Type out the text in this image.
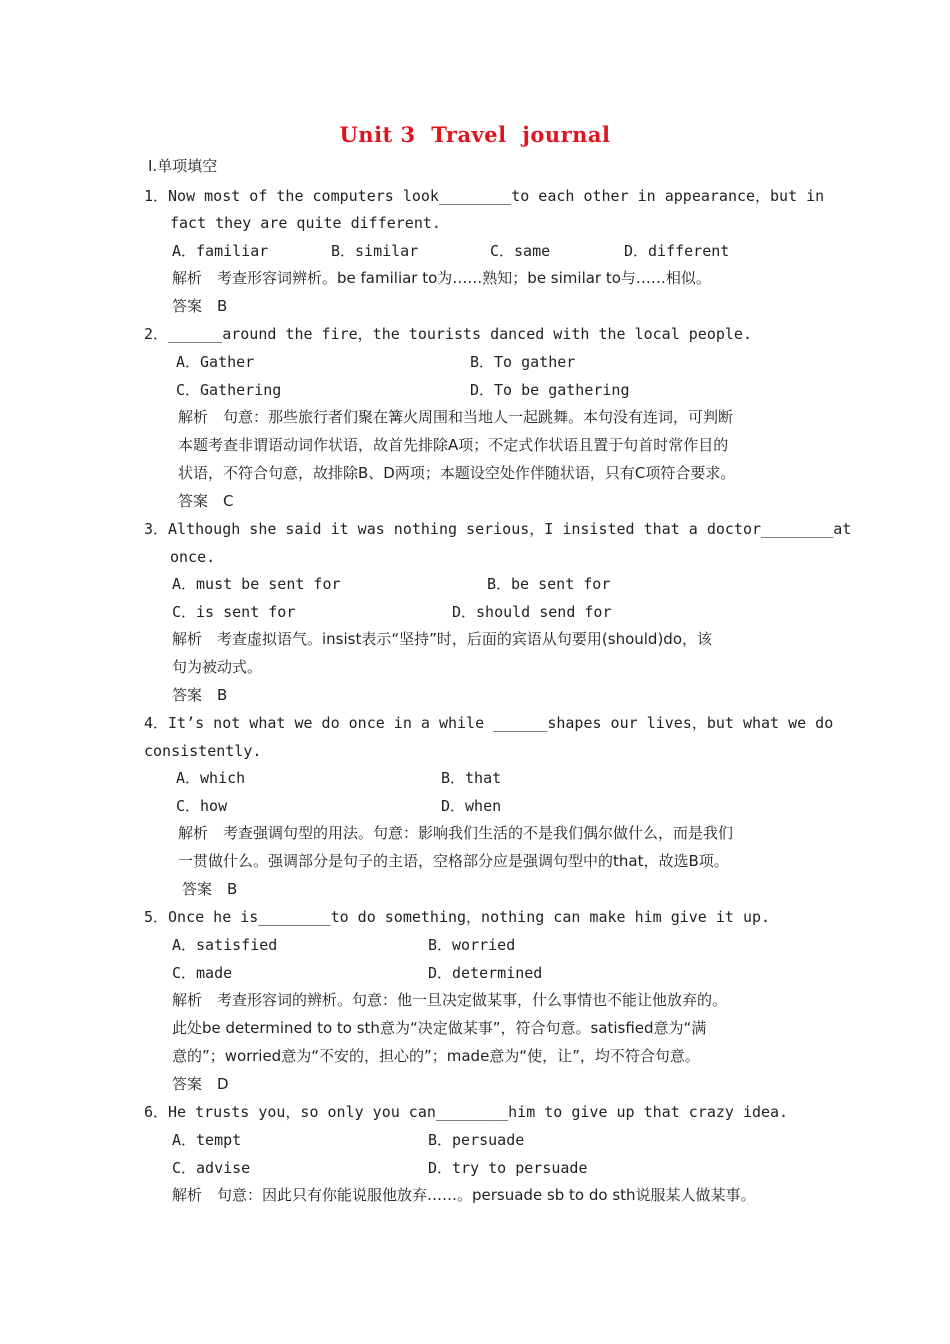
Unit 3  Travel  journal
Ⅰ.单项填空
1．Now most of the computers look________to each other in appearance，but in
fact they are quite different.
A．familiar	B．similar	C．same	D．different
解析　考查形容词辨析。be familiar to为……熟知；be similar to与……相似。
答案　B
2．______around the fire，the tourists danced with the local people.
A．Gather	B．To gather
C．Gathering	D．To be gathering
解析　句意：那些旅行者们聚在篝火周围和当地人一起跳舞。本句没有连词，可判断
本题考查非谓语动词作状语，故首先排除A项；不定式作状语且置于句首时常作目的
状语，不符合句意，故排除B、D两项；本题设空处作伴随状语，只有C项符合要求。
答案　C
3．Although she said it was nothing serious，I insisted that a doctor________at
once.
A．must be sent for	B．be sent for
C．is sent for	D．should send for
解析　考查虚拟语气。insist表示“坚持”时，后面的宾语从句要用(should)do，该
句为被动式。
答案　B
4．It’s not what we do once in a while ______shapes our lives，but what we do
consistently.
A．which	B．that
C．how	D．when
解析　考查强调句型的用法。句意：影响我们生活的不是我们偶尔做什么，而是我们
一贯做什么。强调部分是句子的主语，空格部分应是强调句型中的that，故选B项。
答案　B
5．Once he is________to do something，nothing can make him give it up.
A．satisfied	B．worried
C．made	D．determined
解析　考查形容词的辨析。句意：他一旦决定做某事，什么事情也不能让他放弃的。
此处be determined to to sth意为“决定做某事”，符合句意。satisfied意为“满
意的”；worried意为“不安的，担心的”；made意为“使，让”，均不符合句意。
答案　D
6．He trusts you，so only you can________him to give up that crazy idea.
A．tempt	B．persuade
C．advise	D．try to persuade
解析　句意：因此只有你能说服他放弃……。persuade sb to do sth说服某人做某事。
